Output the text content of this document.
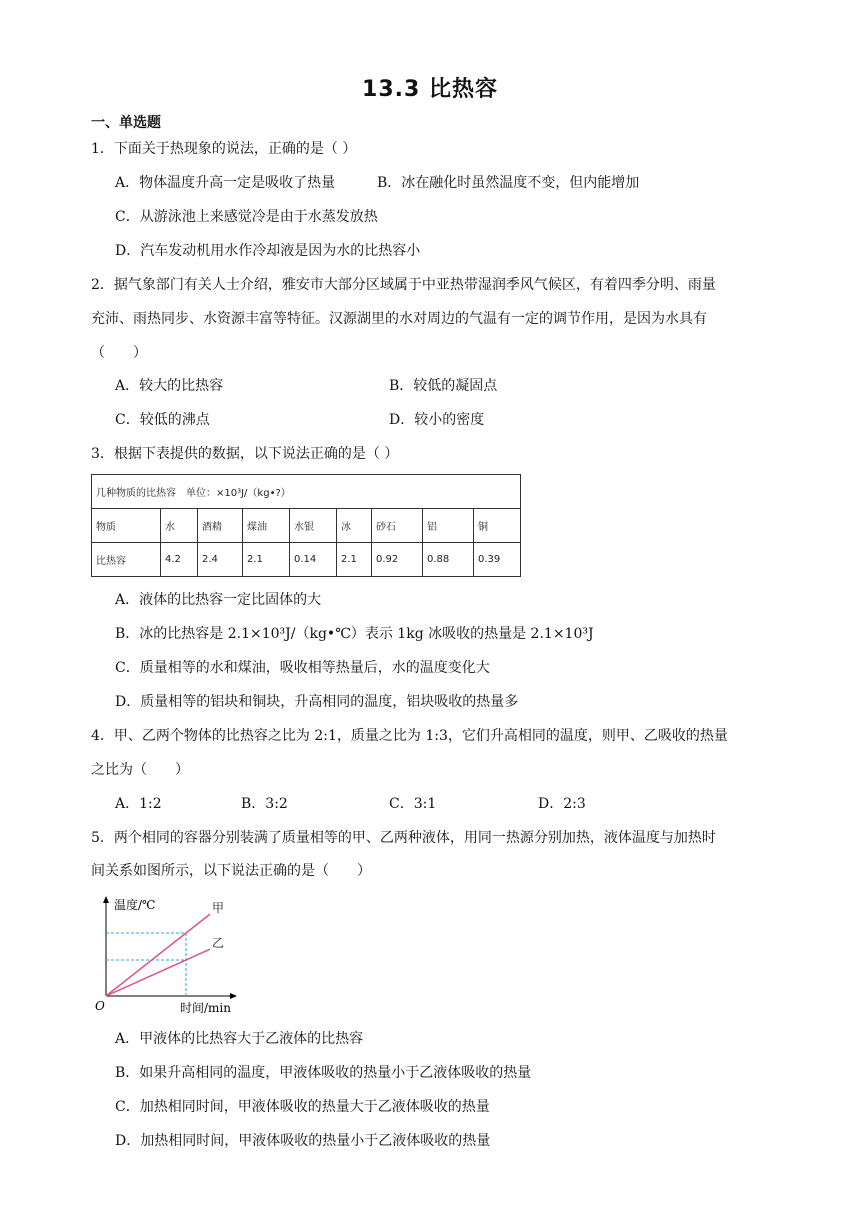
13.3 比热容
一、单选题
1．下面关于热现象的说法，正确的是（ ）
A．物体温度升高一定是吸收了热量	B．冰在融化时虽然温度不变，但内能增加
C．从游泳池上来感觉冷是由于水蒸发放热
D．汽车发动机用水作冷却液是因为水的比热容小
2．据气象部门有关人士介绍，雅安市大部分区域属于中亚热带湿润季风气候区，有着四季分明、雨量
充沛、雨热同步、水资源丰富等特征。汉源湖里的水对周边的气温有一定的调节作用，是因为水具有
（　　）
A．较大的比热容	B．较低的凝固点
C．较低的沸点	D．较小的密度
3．根据下表提供的数据，以下说法正确的是（ ）
几种物质的比热容　单位：×10³J/（kg•?）								
物质	水	酒精	煤油	水银	冰	砂石	铝	铜
比热容	4.2	2.4	2.1	0.14	2.1	0.92	0.88	0.39
A．液体的比热容一定比固体的大
B．冰的比热容是 2.1×10³J/（kg•℃）表示 1kg 冰吸收的热量是 2.1×10³J
C．质量相等的水和煤油，吸收相等热量后，水的温度变化大
D．质量相等的铝块和铜块，升高相同的温度，铝块吸收的热量多
4．甲、乙两个物体的比热容之比为 2:1，质量之比为 1:3，它们升高相同的温度，则甲、乙吸收的热量
之比为（　　）
A．1:2	B．3:2	C．3:1	D．2:3
5．两个相同的容器分别装满了质量相等的甲、乙两种液体，用同一热源分别加热，液体温度与加热时
间关系如图所示，以下说法正确的是（　　）
温度/℃
时间/min
O
甲
乙
A．甲液体的比热容大于乙液体的比热容
B．如果升高相同的温度，甲液体吸收的热量小于乙液体吸收的热量
C．加热相同时间，甲液体吸收的热量大于乙液体吸收的热量
D．加热相同时间，甲液体吸收的热量小于乙液体吸收的热量
